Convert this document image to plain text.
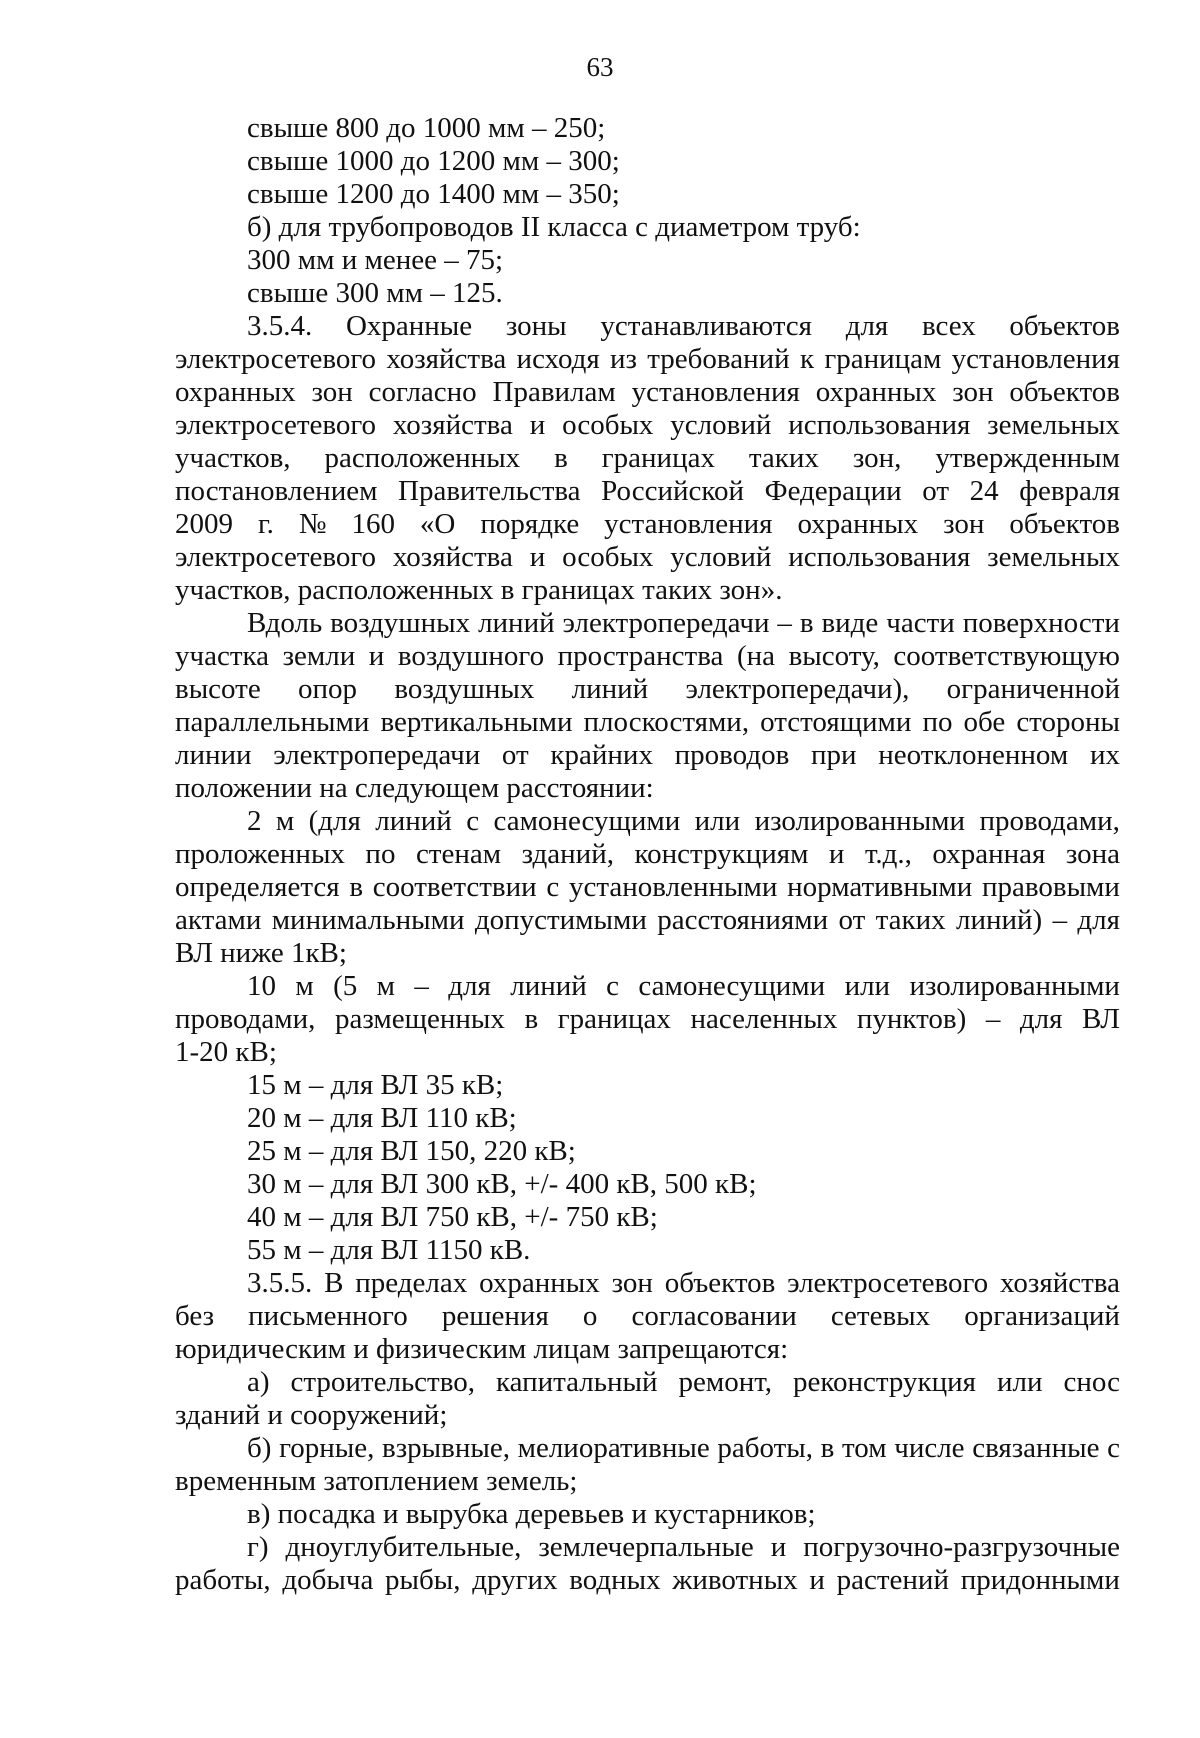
63
свыше 800 до 1000 мм – 250;
свыше 1000 до 1200 мм – 300;
свыше 1200 до 1400 мм – 350;
б) для трубопроводов II класса с диаметром труб:
300 мм и менее – 75;
свыше 300 мм – 125.
3.5.4. Охранные зоны устанавливаются для всех объектов
электросетевого хозяйства исходя из требований к границам установления
охранных зон согласно Правилам установления охранных зон объектов
электросетевого хозяйства и особых условий использования земельных
участков, расположенных в границах таких зон, утвержденным
постановлением Правительства Российской Федерации от 24 февраля
2009 г. № 160 «О порядке установления охранных зон объектов
электросетевого хозяйства и особых условий использования земельных
участков, расположенных в границах таких зон».
Вдоль воздушных линий электропередачи – в виде части поверхности
участка земли и воздушного пространства (на высоту, соответствующую
высоте опор воздушных линий электропередачи), ограниченной
параллельными вертикальными плоскостями, отстоящими по обе стороны
линии электропередачи от крайних проводов при неотклоненном их
положении на следующем расстоянии:
2 м (для линий с самонесущими или изолированными проводами,
проложенных по стенам зданий, конструкциям и т.д., охранная зона
определяется в соответствии с установленными нормативными правовыми
актами минимальными допустимыми расстояниями от таких линий) – для
ВЛ ниже 1кВ;
10 м (5 м – для линий с самонесущими или изолированными
проводами, размещенных в границах населенных пунктов) – для ВЛ
1-20 кВ;
15 м – для ВЛ 35 кВ;
20 м – для ВЛ 110 кВ;
25 м – для ВЛ 150, 220 кВ;
30 м – для ВЛ 300 кВ, +/- 400 кВ, 500 кВ;
40 м – для ВЛ 750 кВ, +/- 750 кВ;
55 м – для ВЛ 1150 кВ.
3.5.5. В пределах охранных зон объектов электросетевого хозяйства
без письменного решения о согласовании сетевых организаций
юридическим и физическим лицам запрещаются:
а) строительство, капитальный ремонт, реконструкция или снос
зданий и сооружений;
б) горные, взрывные, мелиоративные работы, в том числе связанные с
временным затоплением земель;
в) посадка и вырубка деревьев и кустарников;
г) дноуглубительные, землечерпальные и погрузочно-разгрузочные
работы, добыча рыбы, других водных животных и растений придонными
